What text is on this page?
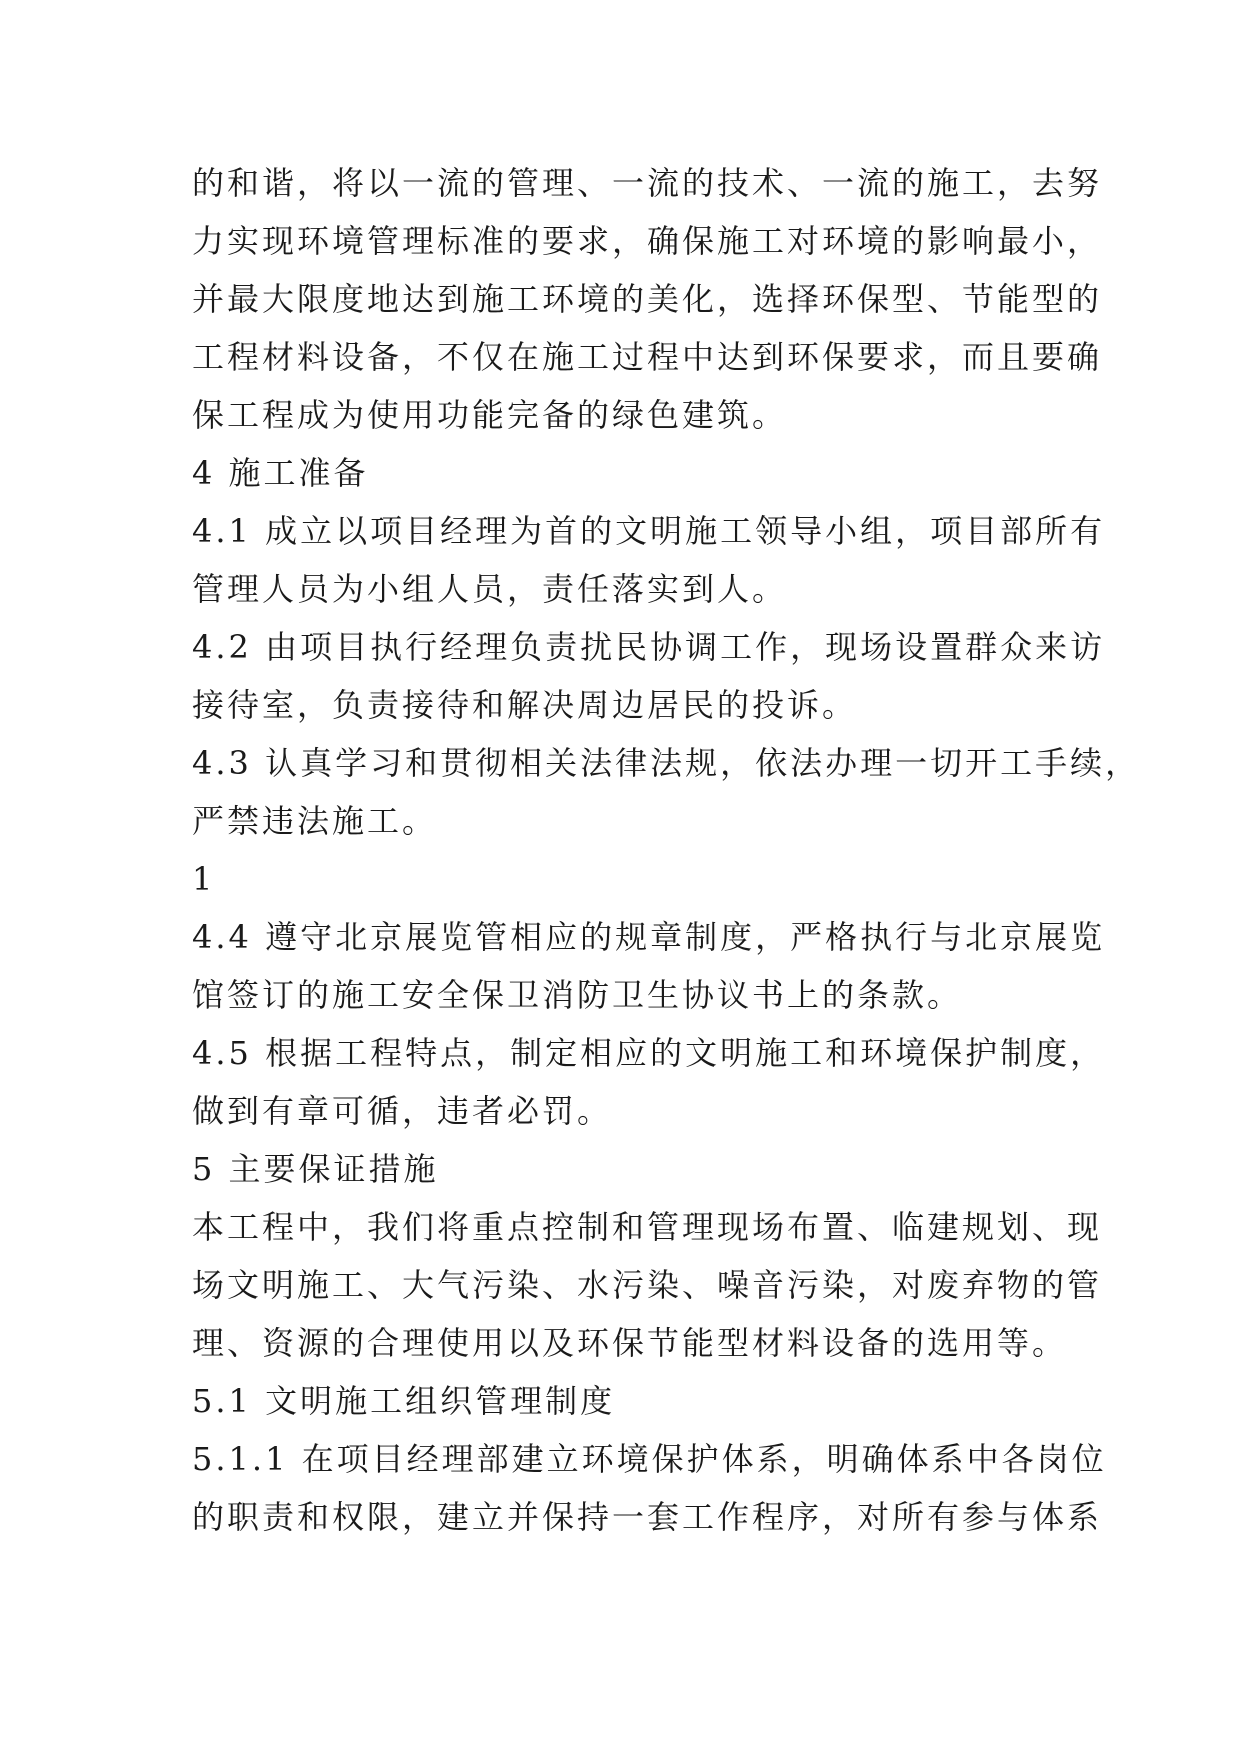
的和谐，将以一流的管理、一流的技术、一流的施工，去努
力实现环境管理标准的要求，确保施工对环境的影响最小，
并最大限度地达到施工环境的美化，选择环保型、节能型的
工程材料设备，不仅在施工过程中达到环保要求，而且要确
保工程成为使用功能完备的绿色建筑。
4 施工准备
4.1 成立以项目经理为首的文明施工领导小组，项目部所有
管理人员为小组人员，责任落实到人。
4.2 由项目执行经理负责扰民协调工作，现场设置群众来访
接待室，负责接待和解决周边居民的投诉。
4.3 认真学习和贯彻相关法律法规，依法办理一切开工手续，
严禁违法施工。
1
4.4 遵守北京展览管相应的规章制度，严格执行与北京展览
馆签订的施工安全保卫消防卫生协议书上的条款。
4.5 根据工程特点，制定相应的文明施工和环境保护制度，
做到有章可循，违者必罚。
5 主要保证措施
本工程中，我们将重点控制和管理现场布置、临建规划、现
场文明施工、大气污染、水污染、噪音污染，对废弃物的管
理、资源的合理使用以及环保节能型材料设备的选用等。
5.1 文明施工组织管理制度
5.1.1 在项目经理部建立环境保护体系，明确体系中各岗位
的职责和权限，建立并保持一套工作程序，对所有参与体系
